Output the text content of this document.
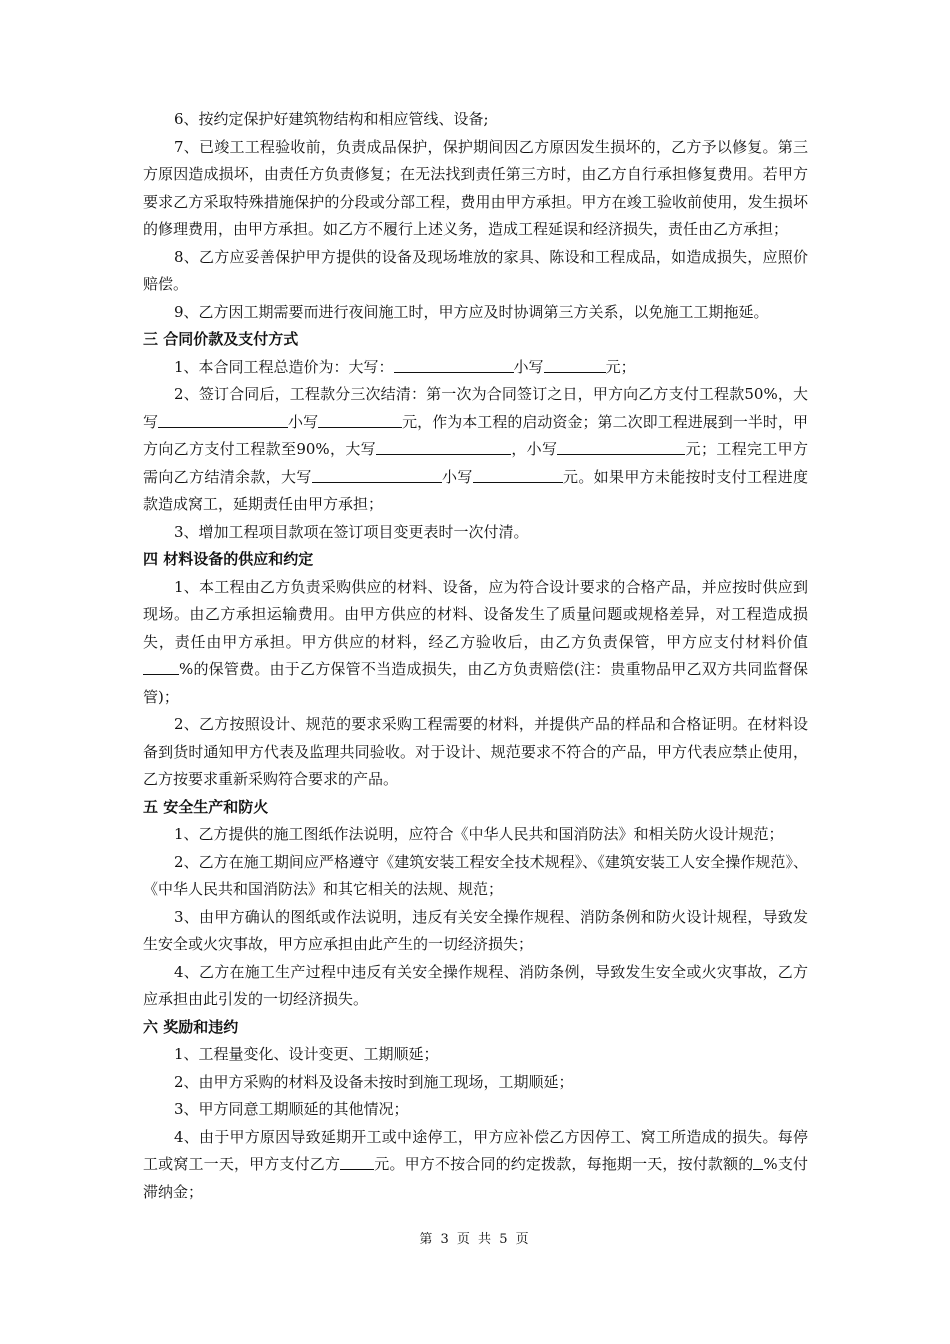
6、按约定保护好建筑物结构和相应管线、设备;

7、已竣工工程验收前，负责成品保护，保护期间因乙方原因发生损坏的，乙方予以修复。第三方原因造成损坏，由责任方负责修复；在无法找到责任第三方时，由乙方自行承担修复费用。若甲方要求乙方采取特殊措施保护的分段或分部工程，费用由甲方承担。甲方在竣工验收前使用，发生损坏的修理费用，由甲方承担。如乙方不履行上述义务，造成工程延误和经济损失，责任由乙方承担；

8、乙方应妥善保护甲方提供的设备及现场堆放的家具、陈设和工程成品，如造成损失，应照价赔偿。

9、乙方因工期需要而进行夜间施工时，甲方应及时协调第三方关系，以免施工工期拖延。

三 合同价款及支付方式

1、本合同工程总造价为：大写：	小写	元；

2、签订合同后，工程款分三次结清：第一次为合同签订之日，甲方向乙方支付工程款50%，大写	小写	元，作为本工程的启动资金；第二次即工程进展到一半时，甲方向乙方支付工程款至90%，大写	，小写	元；工程完工甲方需向乙方结清余款，大写	小写	元。如果甲方未能按时支付工程进度款造成窝工，延期责任由甲方承担；

3、增加工程项目款项在签订项目变更表时一次付清。

四 材料设备的供应和约定

1、本工程由乙方负责采购供应的材料、设备，应为符合设计要求的合格产品，并应按时供应到现场。由乙方承担运输费用。由甲方供应的材料、设备发生了质量问题或规格差异，对工程造成损失，责任由甲方承担。甲方供应的材料，经乙方验收后，由乙方负责保管，甲方应支付材料价值%的保管费。由于乙方保管不当造成损失，由乙方负责赔偿(注：贵重物品甲乙双方共同监督保管)；

2、乙方按照设计、规范的要求采购工程需要的材料，并提供产品的样品和合格证明。在材料设备到货时通知甲方代表及监理共同验收。对于设计、规范要求不符合的产品，甲方代表应禁止使用，乙方按要求重新采购符合要求的产品。

五 安全生产和防火

1、乙方提供的施工图纸作法说明，应符合《中华人民共和国消防法》和相关防火设计规范；

2、乙方在施工期间应严格遵守《建筑安装工程安全技术规程》、《建筑安装工人安全操作规范》、《中华人民共和国消防法》和其它相关的法规、规范；

3、由甲方确认的图纸或作法说明，违反有关安全操作规程、消防条例和防火设计规程，导致发生安全或火灾事故，甲方应承担由此产生的一切经济损失；

4、乙方在施工生产过程中违反有关安全操作规程、消防条例，导致发生安全或火灾事故，乙方应承担由此引发的一切经济损失。

六 奖励和违约

1、工程量变化、设计变更、工期顺延；

2、由甲方采购的材料及设备未按时到施工现场，工期顺延；

3、甲方同意工期顺延的其他情况；

4、由于甲方原因导致延期开工或中途停工，甲方应补偿乙方因停工、窝工所造成的损失。每停工或窝工一天，甲方支付乙方 元。甲方不按合同的约定拨款，每拖期一天，按付款额的 %支付滞纳金；

第 3 页 共 5 页
